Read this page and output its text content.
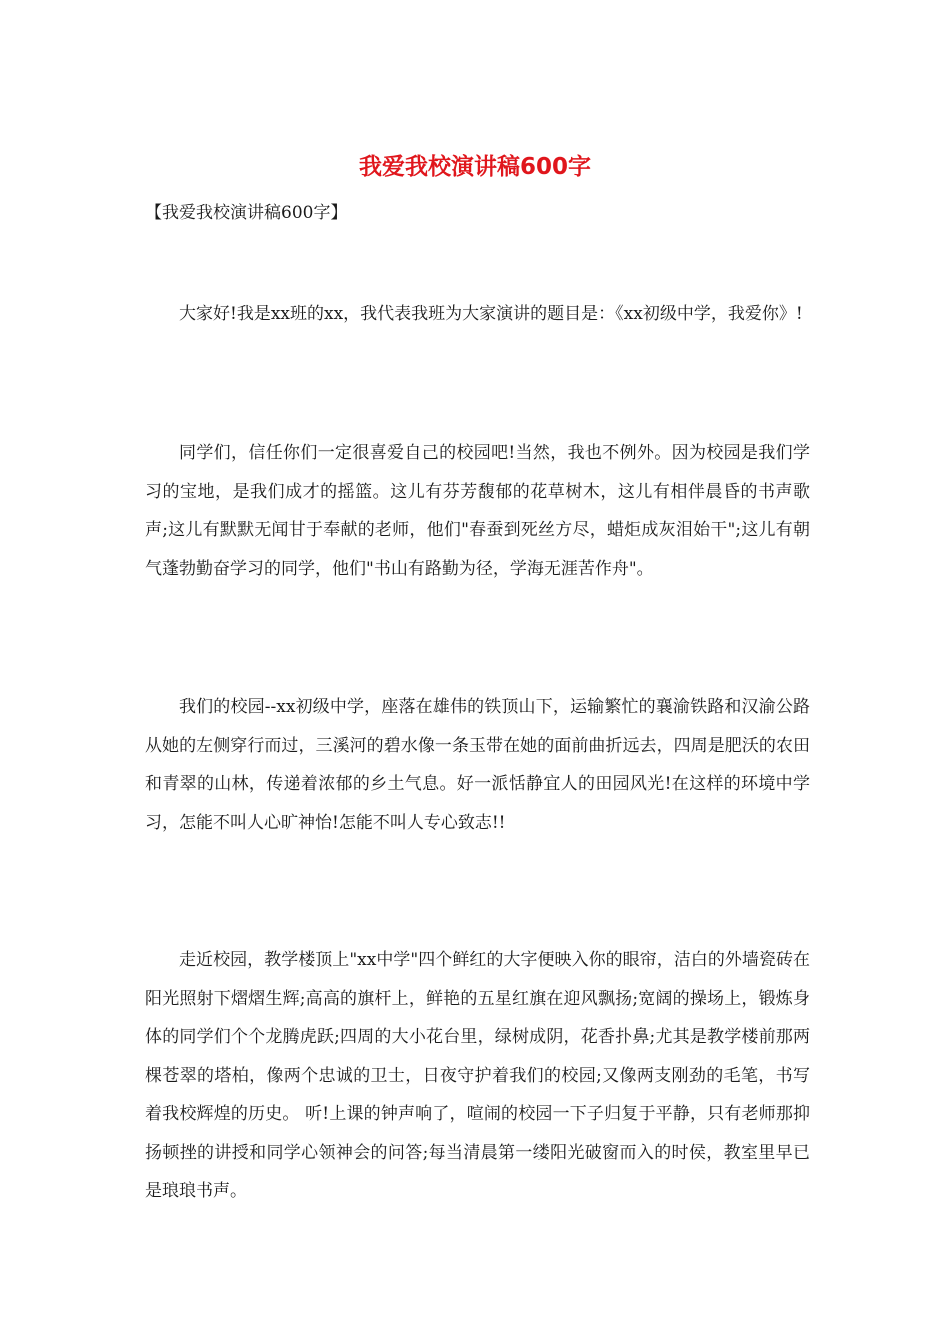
我爱我校演讲稿600字

【我爱我校演讲稿600字】

大家好!我是xx班的xx，我代表我班为大家演讲的题目是：《xx初级中学，我爱你》!

同学们，信任你们一定很喜爱自己的校园吧!当然，我也不例外。因为校园是我们学习的宝地，是我们成才的摇篮。这儿有芬芳馥郁的花草树木，这儿有相伴晨昏的书声歌声;这儿有默默无闻甘于奉献的老师，他们"春蚕到死丝方尽，蜡炬成灰泪始干";这儿有朝气蓬勃勤奋学习的同学，他们"书山有路勤为径，学海无涯苦作舟"。

我们的校园--xx初级中学，座落在雄伟的铁顶山下，运输繁忙的襄渝铁路和汉渝公路从她的左侧穿行而过，三溪河的碧水像一条玉带在她的面前曲折远去，四周是肥沃的农田和青翠的山林，传递着浓郁的乡土气息。好一派恬静宜人的田园风光!在这样的环境中学习，怎能不叫人心旷神怡!怎能不叫人专心致志!!

走近校园，教学楼顶上"xx中学"四个鲜红的大字便映入你的眼帘，洁白的外墙瓷砖在阳光照射下熠熠生辉;高高的旗杆上，鲜艳的五星红旗在迎风飘扬;宽阔的操场上，锻炼身体的同学们个个龙腾虎跃;四周的大小花台里，绿树成阴，花香扑鼻;尤其是教学楼前那两棵苍翠的塔柏，像两个忠诚的卫士，日夜守护着我们的校园;又像两支刚劲的毛笔，书写着我校辉煌的历史。 听!上课的钟声响了，喧闹的校园一下子归复于平静，只有老师那抑扬顿挫的讲授和同学心领神会的问答;每当清晨第一缕阳光破窗而入的时侯，教室里早已是琅琅书声。
